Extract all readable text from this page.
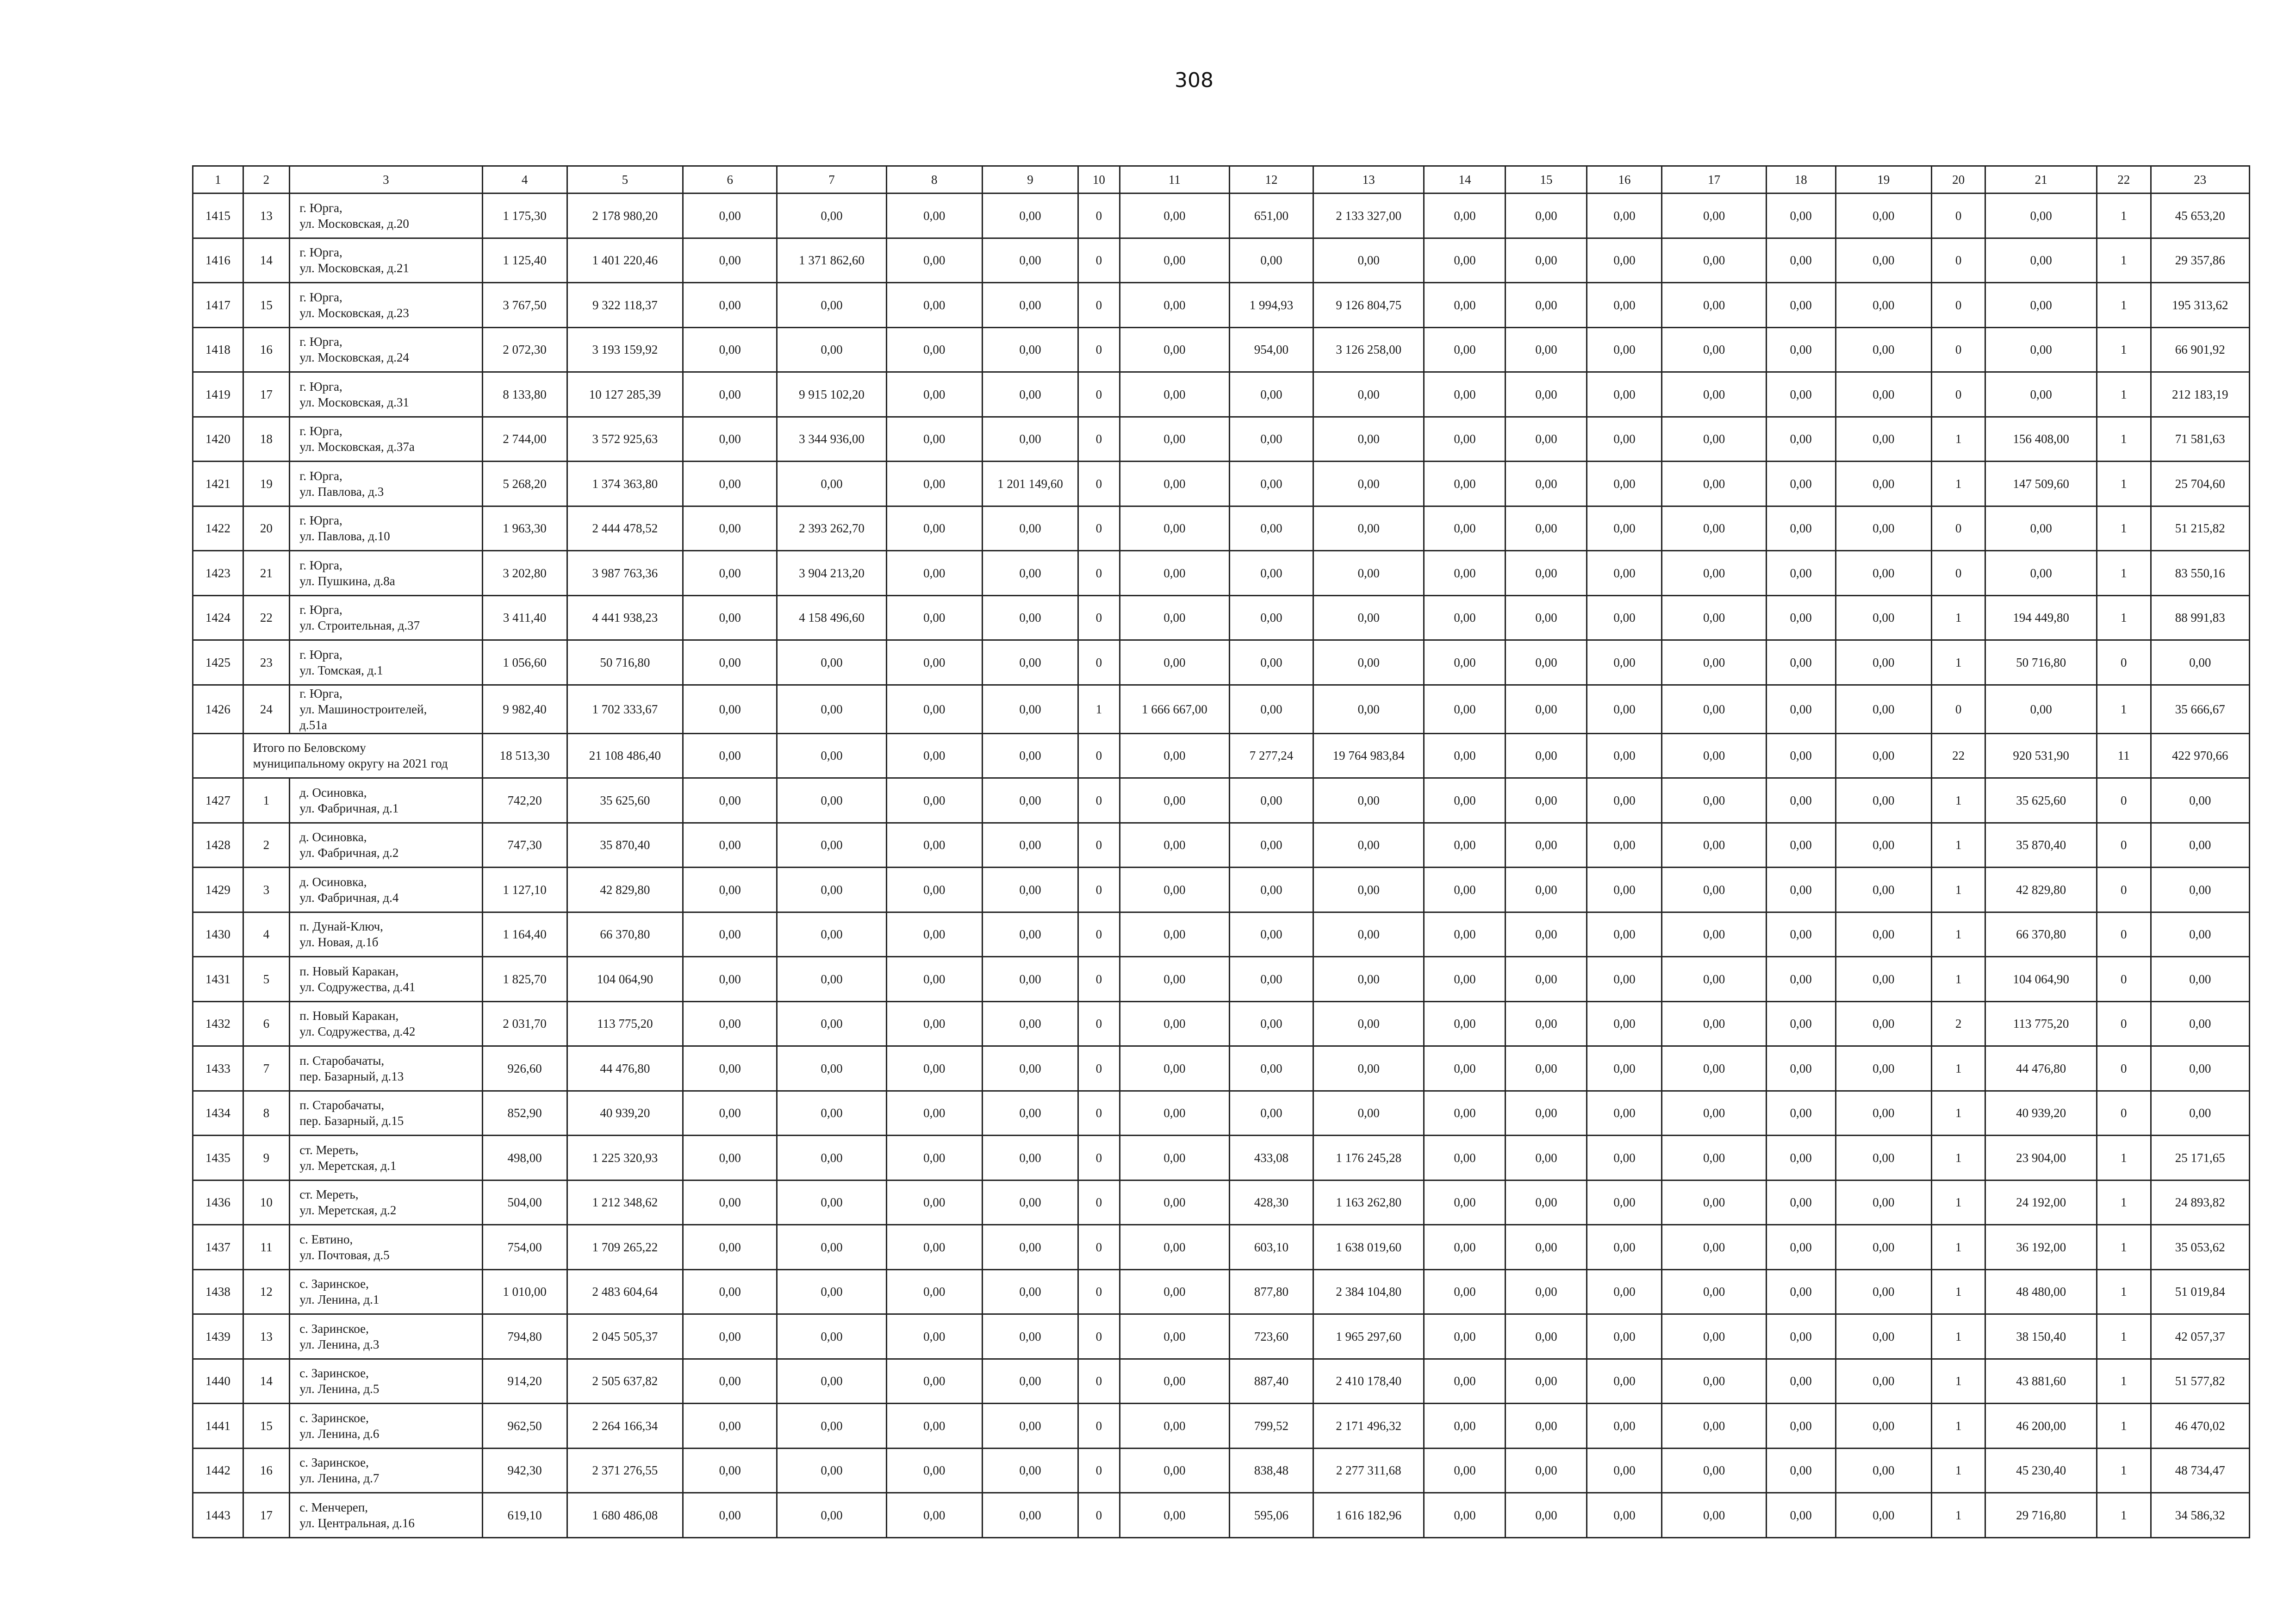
308
1	2	3	4	5	6	7	8	9	10	11	12	13	14	15	16	17	18	19	20	21	22	23
1415	13	г. Юрга,
ул. Московская, д.20	1 175,30	2 178 980,20	0,00	0,00	0,00	0,00	0	0,00	651,00	2 133 327,00	0,00	0,00	0,00	0,00	0,00	0,00	0	0,00	1	45 653,20
1416	14	г. Юрга,
ул. Московская, д.21	1 125,40	1 401 220,46	0,00	1 371 862,60	0,00	0,00	0	0,00	0,00	0,00	0,00	0,00	0,00	0,00	0,00	0,00	0	0,00	1	29 357,86
1417	15	г. Юрга,
ул. Московская, д.23	3 767,50	9 322 118,37	0,00	0,00	0,00	0,00	0	0,00	1 994,93	9 126 804,75	0,00	0,00	0,00	0,00	0,00	0,00	0	0,00	1	195 313,62
1418	16	г. Юрга,
ул. Московская, д.24	2 072,30	3 193 159,92	0,00	0,00	0,00	0,00	0	0,00	954,00	3 126 258,00	0,00	0,00	0,00	0,00	0,00	0,00	0	0,00	1	66 901,92
1419	17	г. Юрга,
ул. Московская, д.31	8 133,80	10 127 285,39	0,00	9 915 102,20	0,00	0,00	0	0,00	0,00	0,00	0,00	0,00	0,00	0,00	0,00	0,00	0	0,00	1	212 183,19
1420	18	г. Юрга,
ул. Московская, д.37а	2 744,00	3 572 925,63	0,00	3 344 936,00	0,00	0,00	0	0,00	0,00	0,00	0,00	0,00	0,00	0,00	0,00	0,00	1	156 408,00	1	71 581,63
1421	19	г. Юрга,
ул. Павлова, д.3	5 268,20	1 374 363,80	0,00	0,00	0,00	1 201 149,60	0	0,00	0,00	0,00	0,00	0,00	0,00	0,00	0,00	0,00	1	147 509,60	1	25 704,60
1422	20	г. Юрга,
ул. Павлова, д.10	1 963,30	2 444 478,52	0,00	2 393 262,70	0,00	0,00	0	0,00	0,00	0,00	0,00	0,00	0,00	0,00	0,00	0,00	0	0,00	1	51 215,82
1423	21	г. Юрга,
ул. Пушкина, д.8а	3 202,80	3 987 763,36	0,00	3 904 213,20	0,00	0,00	0	0,00	0,00	0,00	0,00	0,00	0,00	0,00	0,00	0,00	0	0,00	1	83 550,16
1424	22	г. Юрга,
ул. Строительная, д.37	3 411,40	4 441 938,23	0,00	4 158 496,60	0,00	0,00	0	0,00	0,00	0,00	0,00	0,00	0,00	0,00	0,00	0,00	1	194 449,80	1	88 991,83
1425	23	г. Юрга,
ул. Томская, д.1	1 056,60	50 716,80	0,00	0,00	0,00	0,00	0	0,00	0,00	0,00	0,00	0,00	0,00	0,00	0,00	0,00	1	50 716,80	0	0,00
1426	24	г. Юрга,
ул. Машиностроителей,
д.51а	9 982,40	1 702 333,67	0,00	0,00	0,00	0,00	1	1 666 667,00	0,00	0,00	0,00	0,00	0,00	0,00	0,00	0,00	0	0,00	1	35 666,67
	Итого по Беловскому
муниципальному округу на 2021 год		18 513,30	21 108 486,40	0,00	0,00	0,00	0,00	0	0,00	7 277,24	19 764 983,84	0,00	0,00	0,00	0,00	0,00	0,00	22	920 531,90	11	422 970,66
1427	1	д. Осиновка,
ул. Фабричная, д.1	742,20	35 625,60	0,00	0,00	0,00	0,00	0	0,00	0,00	0,00	0,00	0,00	0,00	0,00	0,00	0,00	1	35 625,60	0	0,00
1428	2	д. Осиновка,
ул. Фабричная, д.2	747,30	35 870,40	0,00	0,00	0,00	0,00	0	0,00	0,00	0,00	0,00	0,00	0,00	0,00	0,00	0,00	1	35 870,40	0	0,00
1429	3	д. Осиновка,
ул. Фабричная, д.4	1 127,10	42 829,80	0,00	0,00	0,00	0,00	0	0,00	0,00	0,00	0,00	0,00	0,00	0,00	0,00	0,00	1	42 829,80	0	0,00
1430	4	п. Дунай-Ключ,
ул. Новая, д.1б	1 164,40	66 370,80	0,00	0,00	0,00	0,00	0	0,00	0,00	0,00	0,00	0,00	0,00	0,00	0,00	0,00	1	66 370,80	0	0,00
1431	5	п. Новый Каракан,
ул. Содружества, д.41	1 825,70	104 064,90	0,00	0,00	0,00	0,00	0	0,00	0,00	0,00	0,00	0,00	0,00	0,00	0,00	0,00	1	104 064,90	0	0,00
1432	6	п. Новый Каракан,
ул. Содружества, д.42	2 031,70	113 775,20	0,00	0,00	0,00	0,00	0	0,00	0,00	0,00	0,00	0,00	0,00	0,00	0,00	0,00	2	113 775,20	0	0,00
1433	7	п. Старобачаты,
пер. Базарный, д.13	926,60	44 476,80	0,00	0,00	0,00	0,00	0	0,00	0,00	0,00	0,00	0,00	0,00	0,00	0,00	0,00	1	44 476,80	0	0,00
1434	8	п. Старобачаты,
пер. Базарный, д.15	852,90	40 939,20	0,00	0,00	0,00	0,00	0	0,00	0,00	0,00	0,00	0,00	0,00	0,00	0,00	0,00	1	40 939,20	0	0,00
1435	9	ст. Мереть,
ул. Меретская, д.1	498,00	1 225 320,93	0,00	0,00	0,00	0,00	0	0,00	433,08	1 176 245,28	0,00	0,00	0,00	0,00	0,00	0,00	1	23 904,00	1	25 171,65
1436	10	ст. Мереть,
ул. Меретская, д.2	504,00	1 212 348,62	0,00	0,00	0,00	0,00	0	0,00	428,30	1 163 262,80	0,00	0,00	0,00	0,00	0,00	0,00	1	24 192,00	1	24 893,82
1437	11	с. Евтино,
ул. Почтовая, д.5	754,00	1 709 265,22	0,00	0,00	0,00	0,00	0	0,00	603,10	1 638 019,60	0,00	0,00	0,00	0,00	0,00	0,00	1	36 192,00	1	35 053,62
1438	12	с. Заринское,
ул. Ленина, д.1	1 010,00	2 483 604,64	0,00	0,00	0,00	0,00	0	0,00	877,80	2 384 104,80	0,00	0,00	0,00	0,00	0,00	0,00	1	48 480,00	1	51 019,84
1439	13	с. Заринское,
ул. Ленина, д.3	794,80	2 045 505,37	0,00	0,00	0,00	0,00	0	0,00	723,60	1 965 297,60	0,00	0,00	0,00	0,00	0,00	0,00	1	38 150,40	1	42 057,37
1440	14	с. Заринское,
ул. Ленина, д.5	914,20	2 505 637,82	0,00	0,00	0,00	0,00	0	0,00	887,40	2 410 178,40	0,00	0,00	0,00	0,00	0,00	0,00	1	43 881,60	1	51 577,82
1441	15	с. Заринское,
ул. Ленина, д.6	962,50	2 264 166,34	0,00	0,00	0,00	0,00	0	0,00	799,52	2 171 496,32	0,00	0,00	0,00	0,00	0,00	0,00	1	46 200,00	1	46 470,02
1442	16	с. Заринское,
ул. Ленина, д.7	942,30	2 371 276,55	0,00	0,00	0,00	0,00	0	0,00	838,48	2 277 311,68	0,00	0,00	0,00	0,00	0,00	0,00	1	45 230,40	1	48 734,47
1443	17	с. Менчереп,
ул. Центральная, д.16	619,10	1 680 486,08	0,00	0,00	0,00	0,00	0	0,00	595,06	1 616 182,96	0,00	0,00	0,00	0,00	0,00	0,00	1	29 716,80	1	34 586,32
